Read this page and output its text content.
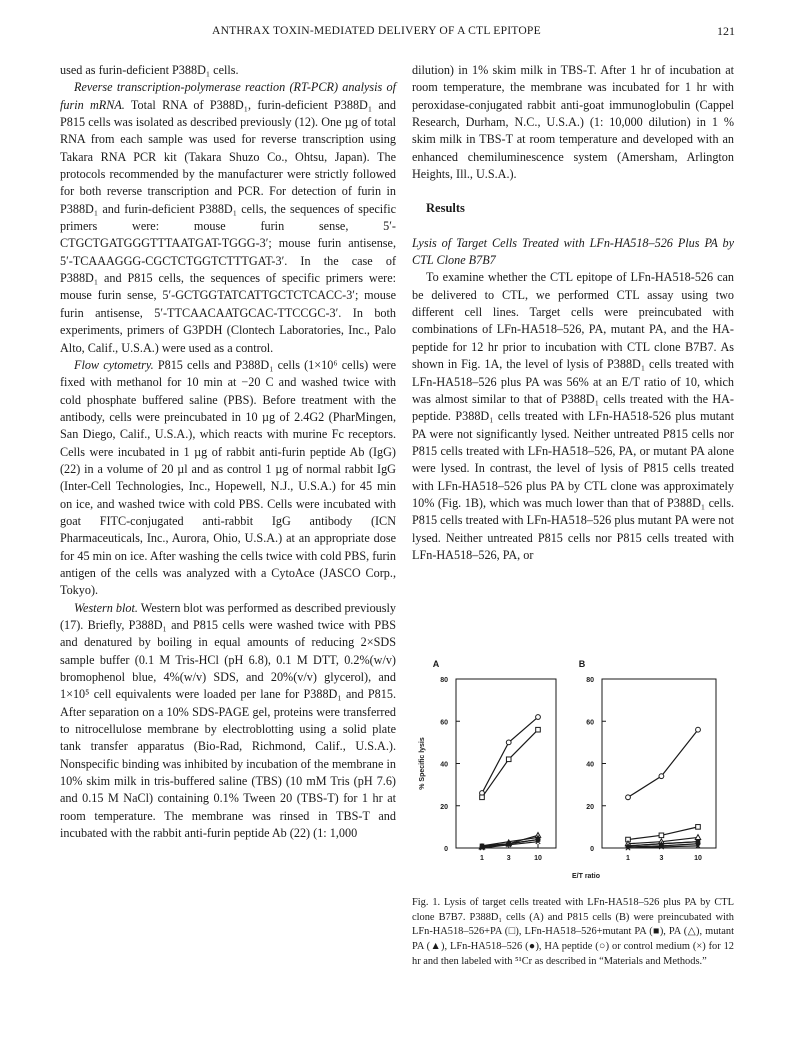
ANTHRAX TOXIN-MEDIATED DELIVERY OF A CTL EPITOPE	121

used as furin-deficient P388D₁ cells.

Reverse transcription-polymerase reaction (RT-PCR) analysis of furin mRNA. Total RNA of P388D₁, furin-deficient P388D₁ and P815 cells was isolated as described previously (12). One µg of total RNA from each sample was used for reverse transcription using Takara RNA PCR kit (Takara Shuzo Co., Ohtsu, Japan). The protocols recommended by the manufacturer were strictly followed for both reverse transcription and PCR. For detection of furin in P388D₁ and furin-deficient P388D₁ cells, the sequences of specific primers were: mouse furin sense, 5′-CTGCTGATGGGTTTAATGAT-TGGG-3′; mouse furin antisense, 5′-TCAAAGGG-CGCTCTGGTCTTTGAT-3′. In the case of P388D₁ and P815 cells, the sequences of specific primers were: mouse furin sense, 5′-GCTGGTATCATTGCTCTCACC-3′; mouse furin antisense, 5′-TTCAACAATGCAC-TTCCGC-3′. In both experiments, primers of G3PDH (Clontech Laboratories, Inc., Palo Alto, Calif., U.S.A.) were used as a control.

Flow cytometry. P815 cells and P388D₁ cells (1×10⁶ cells) were fixed with methanol for 10 min at −20 C and washed twice with cold phosphate buffered saline (PBS). Before treatment with the antibody, cells were preincubated in 10 µg of 2.4G2 (PharMingen, San Diego, Calif., U.S.A.), which reacts with murine Fc receptors. Cells were incubated in 1 µg of rabbit anti-furin peptide Ab (IgG) (22) in a volume of 20 µl and as control 1 µg of normal rabbit IgG (Inter-Cell Technologies, Inc., Hopewell, N.J., U.S.A.) for 45 min on ice, and washed twice with cold PBS. Cells were incubated with goat FITC-conjugated anti-rabbit IgG antibody (ICN Pharmaceuticals, Inc., Aurora, Ohio, U.S.A.) at an appropriate dose for 45 min on ice. After washing the cells twice with cold PBS, furin antigen of the cells was analyzed with a CytoAce (JASCO Corp., Tokyo).

Western blot. Western blot was performed as described previously (17). Briefly, P388D₁ and P815 cells were washed twice with PBS and denatured by boiling in equal amounts of reducing 2×SDS sample buffer (0.1 M Tris-HCl (pH 6.8), 0.1 M DTT, 0.2%(w/v) bromophenol blue, 4%(w/v) SDS, and 20%(v/v) glycerol), and 1×10⁵ cell equivalents were loaded per lane for P388D₁ and P815. After separation on a 10% SDS-PAGE gel, proteins were transferred to nitrocellulose membrane by electroblotting using a solid plate tank transfer apparatus (Bio-Rad, Richmond, Calif., U.S.A.). Nonspecific binding was inhibited by incubation of the membrane in 10% skim milk in tris-buffered saline (TBS) (10 mM Tris (pH 7.6) and 0.15 M NaCl) containing 0.1% Tween 20 (TBS-T) for 1 hr at room temperature. The membrane was rinsed in TBS-T and incubated with the rabbit anti-furin peptide Ab (22) (1: 1,000

dilution) in 1% skim milk in TBS-T. After 1 hr of incubation at room temperature, the membrane was incubated for 1 hr with peroxidase-conjugated rabbit anti-goat immunoglobulin (Cappel Research, Durham, N.C., U.S.A.) (1: 10,000 dilution) in 1 % skim milk in TBS-T at room temperature and developed with an enhanced chemiluminescence system (Amersham, Arlington Heights, Ill., U.S.A.).

Results

Lysis of Target Cells Treated with LFn-HA518–526 Plus PA by CTL Clone B7B7

To examine whether the CTL epitope of LFn-HA518-526 can be delivered to CTL, we performed CTL assay using two different cell lines. Target cells were preincubated with combinations of LFn-HA518–526, PA, mutant PA, and the HA-peptide for 12 hr prior to incubation with CTL clone B7B7. As shown in Fig. 1A, the level of lysis of P388D₁ cells treated with LFn-HA518–526 plus PA was 56% at an E/T ratio of 10, which was almost similar to that of P388D₁ cells treated with the HA-peptide. P388D₁ cells treated with LFn-HA518-526 plus mutant PA were not significantly lysed. Neither untreated P815 cells nor P815 cells treated with LFn-HA518–526, PA, or mutant PA alone were lysed. In contrast, the level of lysis of P815 cells treated with LFn-HA518–526 plus PA by CTL clone was approximately 10% (Fig. 1B), which was much lower than that of P388D₁ cells. P815 cells treated with LFn-HA518–526 plus mutant PA were not lysed. Neither untreated P815 cells nor P815 cells treated with LFn-HA518–526, PA, or

A
0
20
40
60
80
1	3	10
B
0
20
40
60
80
1	3	10
% Specific lysis
E/T ratio
Fig. 1. Lysis of target cells treated with LFn-HA518–526 plus PA by CTL clone B7B7. P388D₁ cells (A) and P815 cells (B) were preincubated with LFn-HA518–526+PA (□), LFn-HA518–526+mutant PA (■), PA (△), mutant PA (▲), LFn-HA518–526 (●), HA peptide (○) or control medium (×) for 12 hr and then labeled with ⁵¹Cr as described in “Materials and Methods.”
